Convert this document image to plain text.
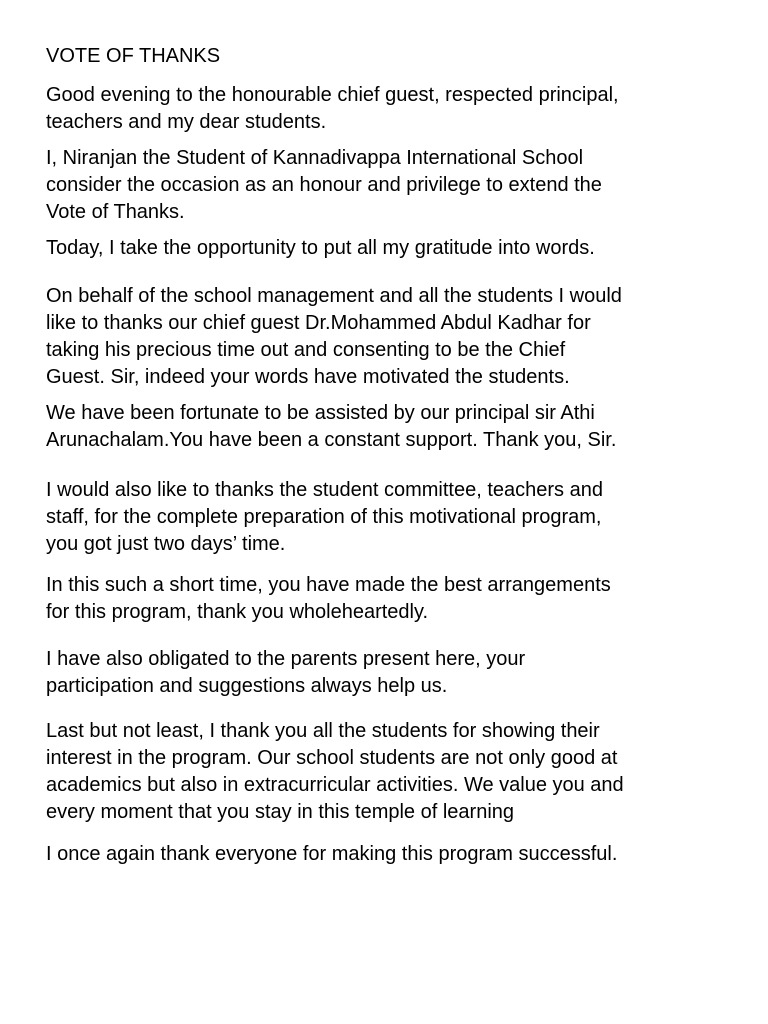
VOTE OF THANKS

Good evening to the honourable chief guest, respected principal,
teachers and my dear students.

I, Niranjan the Student of Kannadivappa International School
consider the occasion as an honour and privilege to extend the
Vote of Thanks.

Today, I take the opportunity to put all my gratitude into words.

On behalf of the school management and all the students I would
like to thanks our chief guest Dr.Mohammed Abdul Kadhar for
taking his precious time out and consenting to be the Chief
Guest. Sir, indeed your words have motivated the students.

We have been fortunate to be assisted by our principal sir Athi
Arunachalam.You have been a constant support. Thank you, Sir.

I would also like to thanks the student committee, teachers and
staff, for the complete preparation of this motivational program,
you got just two days’ time.

In this such a short time, you have made the best arrangements
for this program, thank you wholeheartedly.

I have also obligated to the parents present here, your
participation and suggestions always help us.

Last but not least, I thank you all the students for showing their
interest in the program. Our school students are not only good at
academics but also in extracurricular activities. We value you and
every moment that you stay in this temple of learning

I once again thank everyone for making this program successful.
